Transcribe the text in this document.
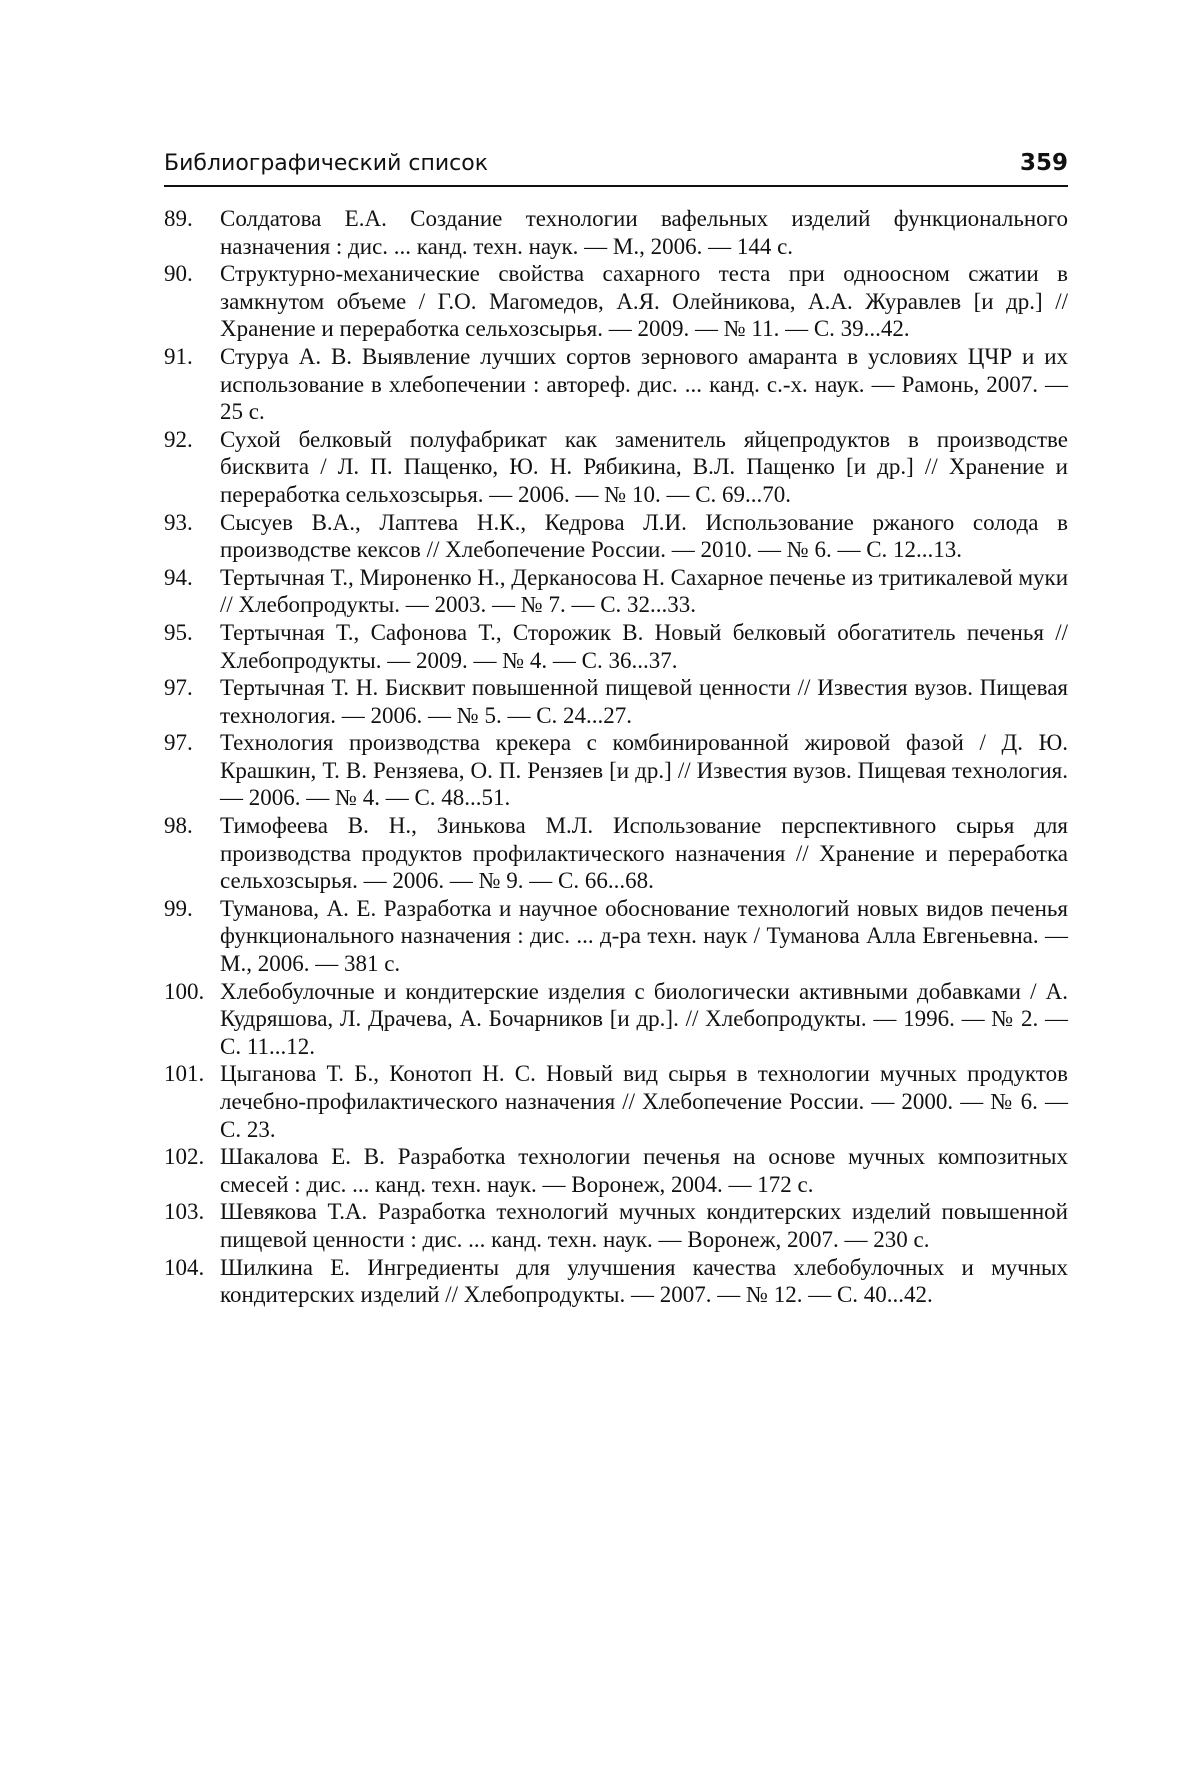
Библиографический список	359
89.	Солдатова Е.А. Создание технологии вафельных изделий функционального назначения : дис. ... канд. техн. наук. — М., 2006. — 144 с.
90.	Структурно-механические свойства сахарного теста при одноосном сжатии в замкнутом объеме / Г.О. Магомедов, А.Я. Олейникова, А.А. Журавлев [и др.] // Хранение и переработка сельхозсырья. — 2009. — № 11. — С. 39...42.
91.	Стуруа А. В. Выявление лучших сортов зернового амаранта в условиях ЦЧР и их использование в хлебопечении : автореф. дис. ... канд. с.-х. наук. — Рамонь, 2007. — 25 с.
92.	Сухой белковый полуфабрикат как заменитель яйцепродуктов в производстве бисквита / Л. П. Пащенко, Ю. Н. Рябикина, В.Л. Пащенко [и др.] // Хранение и переработка сельхозсырья. — 2006. — № 10. — С. 69...70.
93.	Сысуев В.А., Лаптева Н.К., Кедрова Л.И. Использование ржаного солода в производстве кексов // Хлебопечение России. — 2010. — № 6. — С. 12...13.
94.	Тертычная Т., Мироненко Н., Дерканосова Н. Сахарное печенье из тритикалевой муки // Хлебопродукты. — 2003. — № 7. — С. 32...33.
95.	Тертычная Т., Сафонова Т., Сторожик В. Новый белковый обогатитель печенья // Хлебопродукты. — 2009. — № 4. — С. 36...37.
97.	Тертычная Т. Н. Бисквит повышенной пищевой ценности // Известия вузов. Пищевая технология. — 2006. — № 5. — С. 24...27.
97.	Технология производства крекера с комбинированной жировой фазой / Д. Ю. Крашкин, Т. В. Рензяева, О. П. Рензяев [и др.] // Известия вузов. Пищевая технология. — 2006. — № 4. — С. 48...51.
98.	Тимофеева В. Н., Зинькова М.Л. Использование перспективного сырья для производства продуктов профилактического назначения // Хранение и переработка сельхозсырья. — 2006. — № 9. — С. 66...68.
99.	Туманова, А. Е. Разработка и научное обоснование технологий новых видов печенья функционального назначения : дис. ... д-ра техн. наук / Туманова Алла Евгеньевна. — М., 2006. — 381 с.
100. Хлебобулочные и кондитерские изделия с биологически активными добавками / А. Кудряшова, Л. Драчева, А. Бочарников [и др.]. // Хлебопродукты. — 1996. — № 2. — С. 11...12.
101. Цыганова Т. Б., Конотоп Н. С. Новый вид сырья в технологии мучных продуктов лечебно-профилактического назначения // Хлебопечение России. — 2000. — № 6. — С. 23.
102. Шакалова Е. В. Разработка технологии печенья на основе мучных композитных смесей : дис. ... канд. техн. наук. — Воронеж, 2004. — 172 с.
103. Шевякова Т.А. Разработка технологий мучных кондитерских изделий повышенной пищевой ценности : дис. ... канд. техн. наук. — Воронеж, 2007. — 230 с.
104. Шилкина Е. Ингредиенты для улучшения качества хлебобулочных и мучных кондитерских изделий // Хлебопродукты. — 2007. — № 12. — С. 40...42.
